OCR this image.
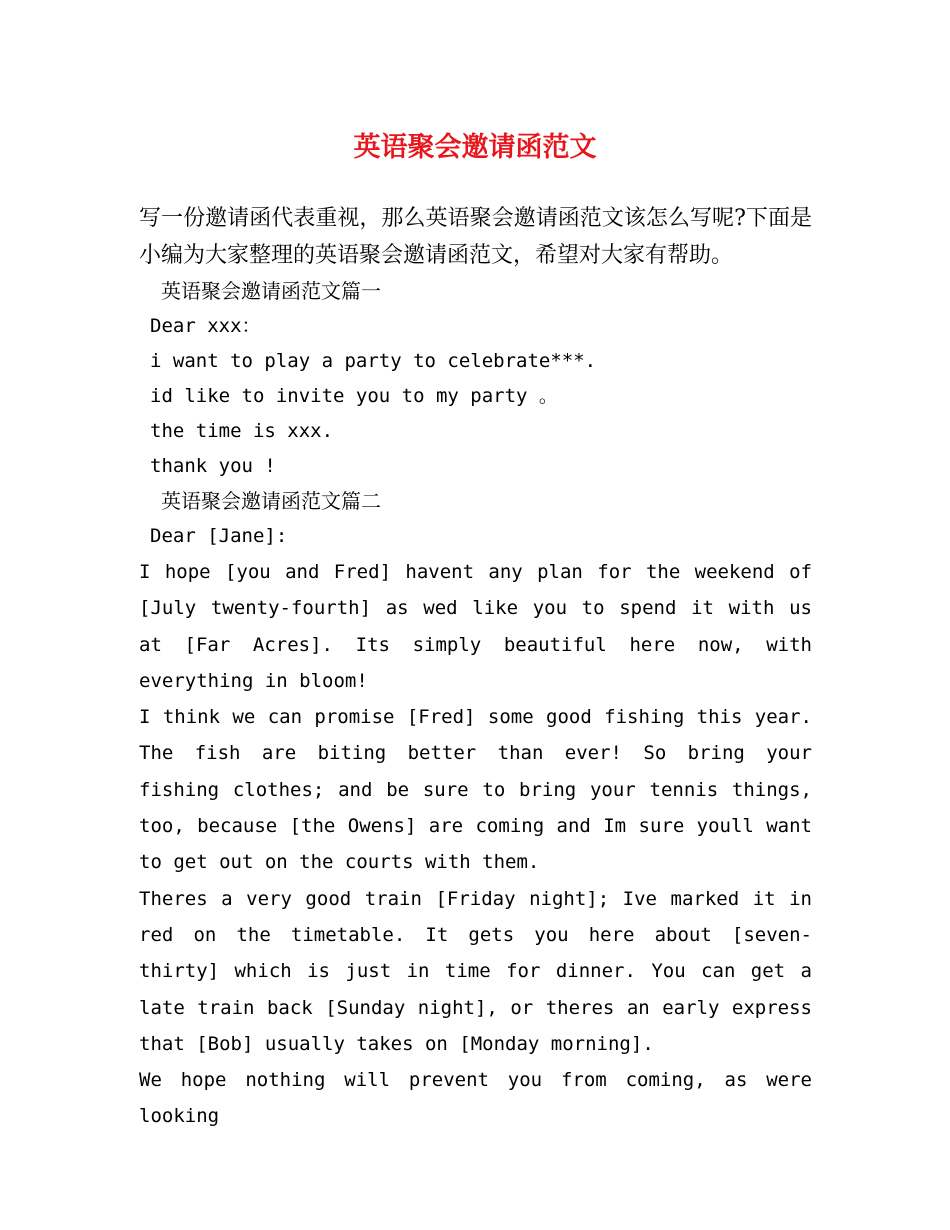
英语聚会邀请函范文

写一份邀请函代表重视，那么英语聚会邀请函范文该怎么写呢?下面是小编为大家整理的英语聚会邀请函范文，希望对大家有帮助。

英语聚会邀请函范文篇一

Dear xxx：

i want to play a party to celebrate***.

id like to invite you to my party 。

the time is xxx.

thank you !

英语聚会邀请函范文篇二

Dear [Jane]:

I hope [you and Fred] havent any plan for the weekend of [July twenty-fourth] as wed like you to spend it with us at [Far Acres]. Its simply beautiful here now, with everything in bloom!

I think we can promise [Fred] some good fishing this year. The fish are biting better than ever! So bring your fishing clothes; and be sure to bring your tennis things, too, because [the Owens] are coming and Im sure youll want to get out on the courts with them.

Theres a very good train [Friday night]; Ive marked it in red on the timetable. It gets you here about [seven-thirty] which is just in time for dinner. You can get a late train back [Sunday night], or theres an early express that [Bob] usually takes on [Monday morning].

We hope nothing will prevent you from coming, as were looking
